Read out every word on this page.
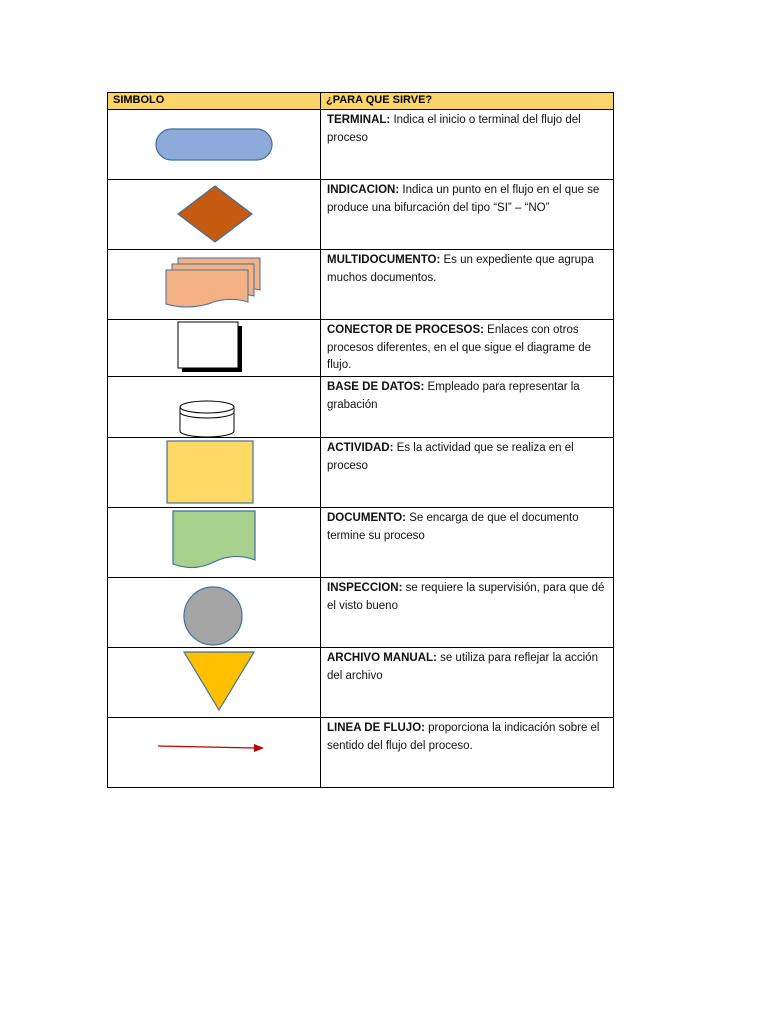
SIMBOLO	¿PARA QUE SIRVE?

TERMINAL: Indica el inicio o terminal del flujo del proceso

INDICACION: Indica un punto en el flujo en el que se produce una bifurcación del tipo “SI” – “NO”

MULTIDOCUMENTO: Es un expediente que agrupa muchos documentos.

CONECTOR DE PROCESOS: Enlaces con otros procesos diferentes, en el que sigue el diagrame de flujo.

BASE DE DATOS: Empleado para representar la grabación

ACTIVIDAD: Es la actividad que se realiza en el proceso

DOCUMENTO: Se encarga de que el documento termine su proceso

INSPECCION: se requiere la supervisión, para que dé el visto bueno

ARCHIVO MANUAL: se utiliza para reflejar la acción del archivo

LINEA DE FLUJO: proporciona la indicación sobre el sentido del flujo del proceso.
